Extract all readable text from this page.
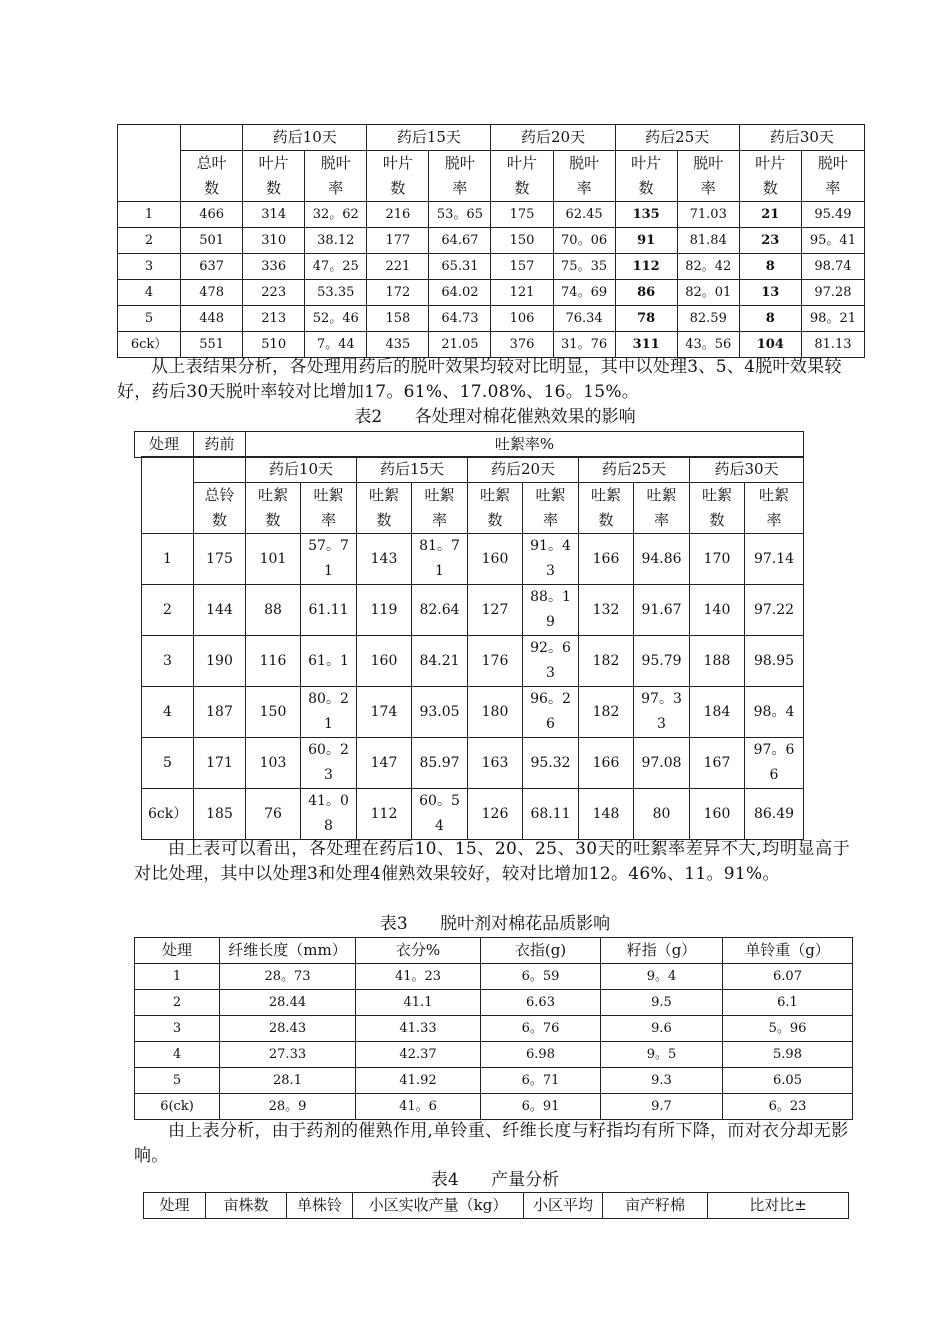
		药后10天		药后15天		药后20天		药后25天		药后30天	

	总叶数	叶片数	脱叶率	叶片数	脱叶率	叶片数	脱叶率	叶片数	脱叶率	叶片数	脱叶率

1	466	314	32。62	216	53。65	175	62.45	135	71.03	21	95.49
2	501	310	38.12	177	64.67	150	70。06	91	81.84	23	95。41
3	637	336	47。25	221	65.31	157	75。35	112	82。42	8	98.74
4	478	223	53.35	172	64.02	121	74。69	86	82。01	13	97.28
5	448	213	52。46	158	64.73	106	76.34	78	82.59	8	98。21
6ck）	551	510	7。44	435	21.05	376	31。76	311	43。56	104	81.13
从上表结果分析，各处理用药后的脱叶效果均较对比明显，其中以处理3、5、4脱叶效果较好，药后30天脱叶率较对比增加17。61%、17.08%、16。15%。
表2      各处理对棉花催熟效果的影响
处理	药前	吐絮率%
		药后10天		药后15天		药后20天		药后25天		药后30天	

	总铃数	吐絮数	吐絮率	吐絮数	吐絮率	吐絮数	吐絮率	吐絮数	吐絮率	吐絮数	吐絮率

1	175	101	57。71	143	81。71	160	91。43	166	94.86	170	97.14

2	144	88	61.11	119	82.64	127	88。19	132	91.67	140	97.22

3	190	116	61。1	160	84.21	176	92。63	182	95.79	188	98.95

4	187	150	80。21	174	93.05	180	96。26	182	97。33	184	98。4

5	171	103	60。23	147	85.97	163	95.32	166	97.08	167	97。66

6ck）	185	76	41。08	112	60。54	126	68.11	148	80	160	86.49
由上表可以看出，各处理在药后10、15、20、25、30天的吐絮率差异不大,均明显高于对比处理，其中以处理3和处理4催熟效果较好，较对比增加12。46%、11。91%。
表3      脱叶剂对棉花品质影响
处理	纤维长度（mm）	衣分%	衣指(g)	籽指（g）	单铃重（g）
1	28。73	41。23	6。59	9。4	6.07
2	28.44	41.1	6.63	9.5	6.1
3	28.43	41.33	6。76	9.6	5。96
4	27.33	42.37	6.98	9。5	5.98
5	28.1	41.92	6。71	9.3	6.05
6(ck)	28。9	41。6	6。91	9.7	6。23
由上表分析，由于药剂的催熟作用,单铃重、纤维长度与籽指均有所下降，而对衣分却无影响。
表4      产量分析
处理	亩株数	单株铃	小区实收产量（kg）	小区平均	亩产籽棉	比对比±
